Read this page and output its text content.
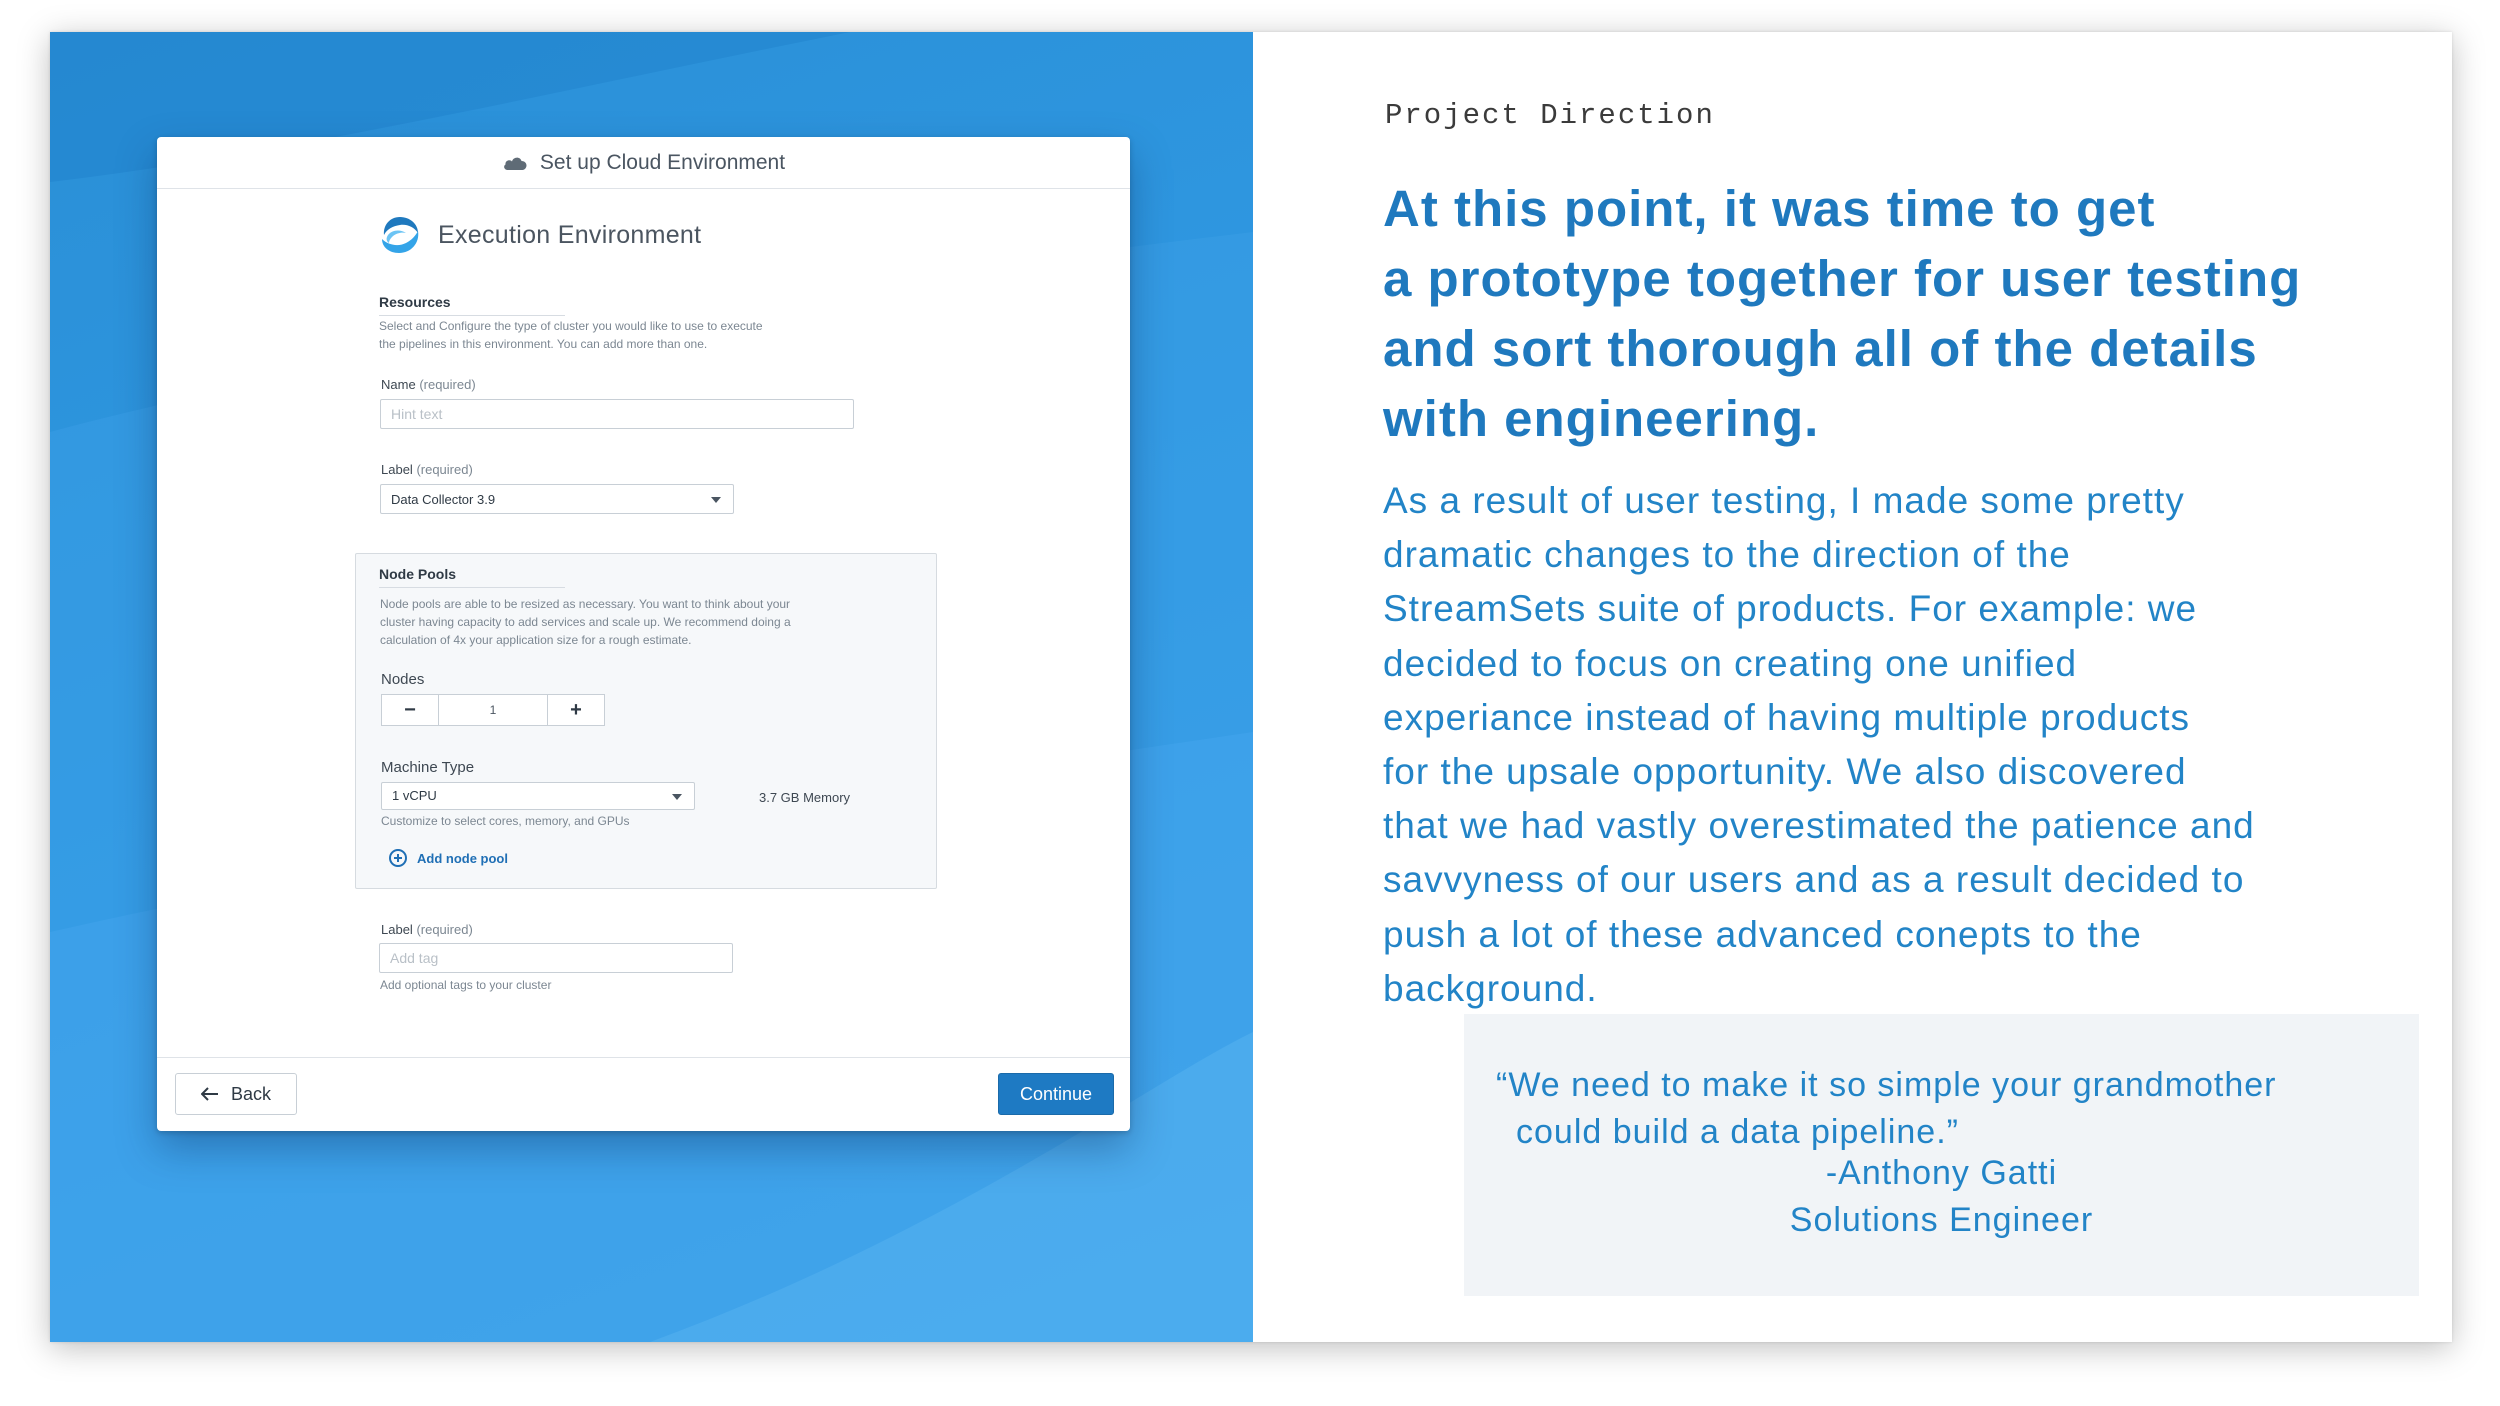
Set up Cloud Environment
Execution Environment
Resources
Select and Configure the type of cluster you would like to use to execute
the pipelines in this environment. You can add more than one.
Name (required)
Hint text
Label (required)
Data Collector 3.9
Node Pools
Node pools are able to be resized as necessary. You want to think about your
cluster having capacity to add services and scale up. We recommend doing a
calculation of 4x your application size for a rough estimate.
Nodes
−	1	+
Machine Type
1 vCPU	3.7 GB Memory
Customize to select cores, memory, and GPUs
Add node pool
Label (required)
Add tag
Add optional tags to your cluster
Back	Continue
Project Direction
At this point, it was time to get
a prototype together for user testing
and sort thorough all of the details
with engineering.
As a result of user testing, I made some pretty
dramatic changes to the direction of the
StreamSets suite of products. For example: we
decided to focus on creating one unified
experiance instead of having multiple products
for the upsale opportunity. We also discovered
that we had vastly overestimated the patience and
savvyness of our users and as a result decided to
push a lot of these advanced conepts to the
background.
“We need to make it so simple your grandmother
could build a data pipeline.”
-Anthony Gatti
Solutions Engineer
